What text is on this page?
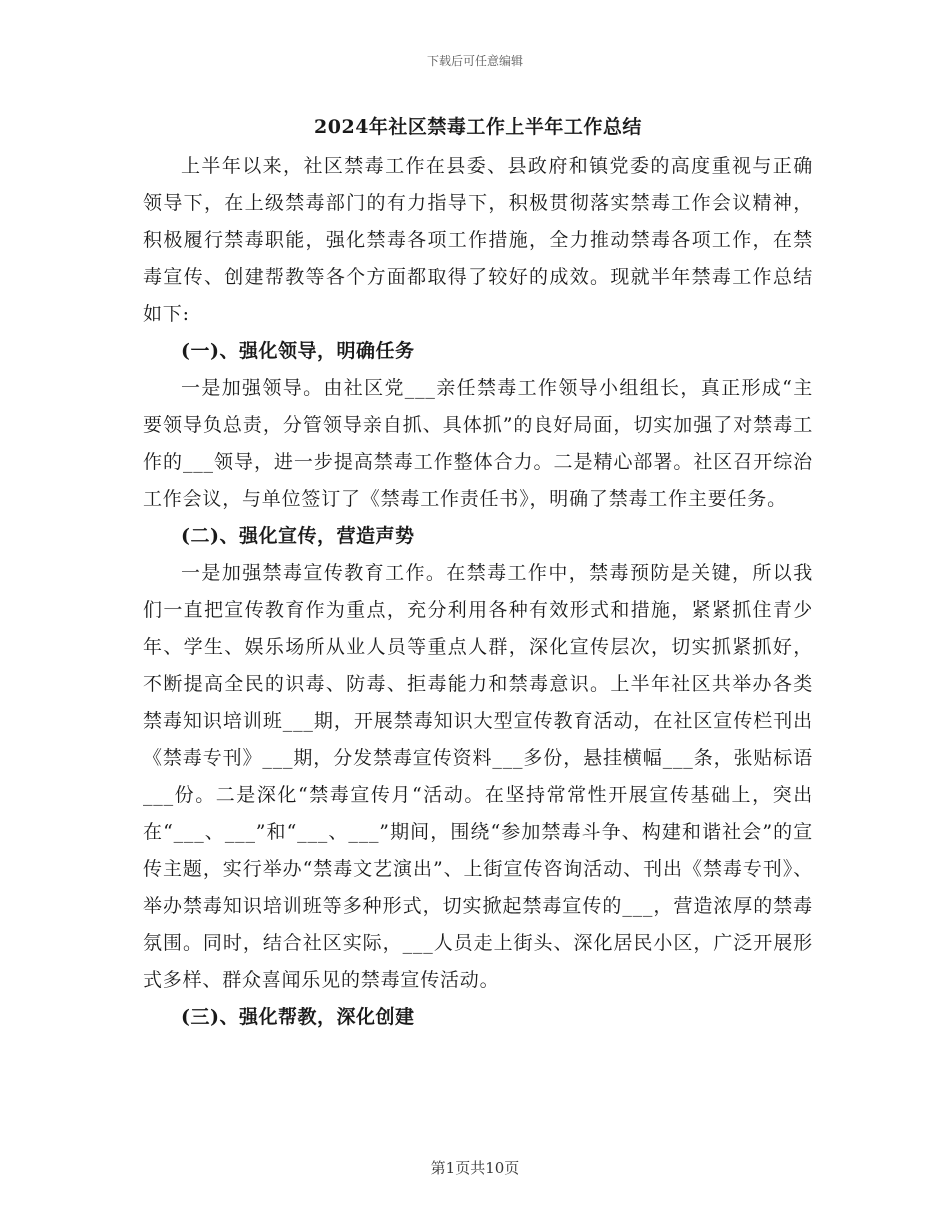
下载后可任意编辑
2024年社区禁毒工作上半年工作总结

上半年以来，社区禁毒工作在县委、县政府和镇党委的高度重视与正确领导下，在上级禁毒部门的有力指导下，积极贯彻落实禁毒工作会议精神，积极履行禁毒职能，强化禁毒各项工作措施，全力推动禁毒各项工作，在禁毒宣传、创建帮教等各个方面都取得了较好的成效。现就半年禁毒工作总结如下:

(一)、强化领导，明确任务

一是加强领导。由社区党___亲任禁毒工作领导小组组长，真正形成“主要领导负总责，分管领导亲自抓、具体抓”的良好局面，切实加强了对禁毒工作的___领导，进一步提高禁毒工作整体合力。二是精心部署。社区召开综治工作会议，与单位签订了《禁毒工作责任书》，明确了禁毒工作主要任务。

(二)、强化宣传，营造声势

一是加强禁毒宣传教育工作。在禁毒工作中，禁毒预防是关键，所以我们一直把宣传教育作为重点，充分利用各种有效形式和措施，紧紧抓住青少年、学生、娱乐场所从业人员等重点人群，深化宣传层次，切实抓紧抓好，不断提高全民的识毒、防毒、拒毒能力和禁毒意识。上半年社区共举办各类禁毒知识培训班___期，开展禁毒知识大型宣传教育活动，在社区宣传栏刊出《禁毒专刊》___期，分发禁毒宣传资料___多份，悬挂横幅___条，张贴标语___份。二是深化“禁毒宣传月“活动。在坚持常常性开展宣传基础上，突出在“___、___”和“___、___”期间，围绕“参加禁毒斗争、构建和谐社会”的宣传主题，实行举办“禁毒文艺演出”、上街宣传咨询活动、刊出《禁毒专刊》、举办禁毒知识培训班等多种形式，切实掀起禁毒宣传的___，营造浓厚的禁毒氛围。同时，结合社区实际，___人员走上街头、深化居民小区，广泛开展形式多样、群众喜闻乐见的禁毒宣传活动。

(三)、强化帮教，深化创建

第1页共10页
